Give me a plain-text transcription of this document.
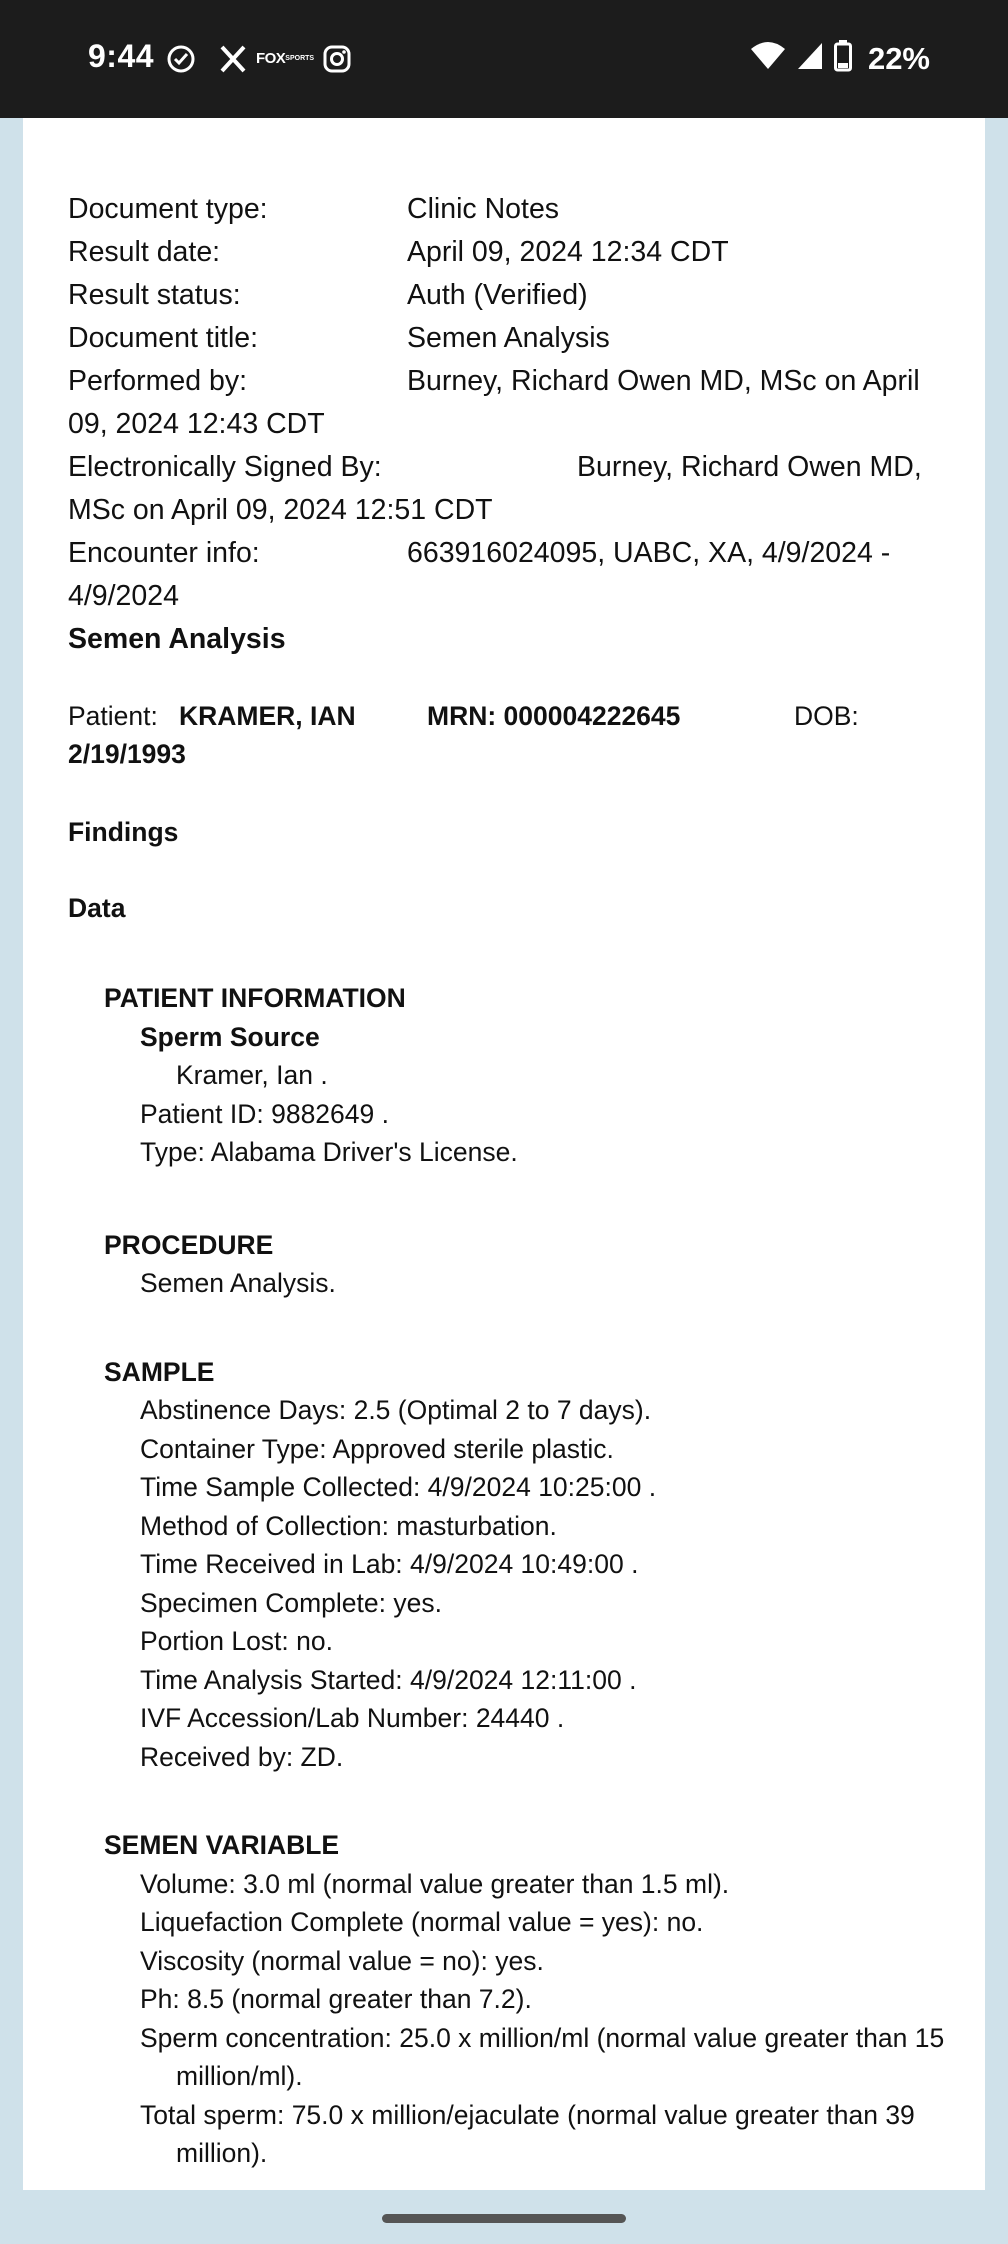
9:44	FOX SPORTS	22%
Document type:	Clinic Notes
Result date:	April 09, 2024 12:34 CDT
Result status:	Auth (Verified)
Document title:	Semen Analysis
Performed by:	Burney, Richard Owen MD, MSc on April
09, 2024 12:43 CDT
Electronically Signed By:	Burney, Richard Owen MD,
MSc on April 09, 2024 12:51 CDT
Encounter info:	663916024095, UABC, XA, 4/9/2024 -
4/9/2024
Semen Analysis
Patient: KRAMER, IAN	MRN: 000004222645	DOB:
2/19/1993
Findings
Data
PATIENT INFORMATION
Sperm Source
Kramer, Ian .
Patient ID: 9882649 .
Type: Alabama Driver's License.
PROCEDURE
Semen Analysis.
SAMPLE
Abstinence Days: 2.5 (Optimal 2 to 7 days).
Container Type: Approved sterile plastic.
Time Sample Collected: 4/9/2024 10:25:00 .
Method of Collection: masturbation.
Time Received in Lab: 4/9/2024 10:49:00 .
Specimen Complete: yes.
Portion Lost: no.
Time Analysis Started: 4/9/2024 12:11:00 .
IVF Accession/Lab Number: 24440 .
Received by: ZD.
SEMEN VARIABLE
Volume: 3.0 ml (normal value greater than 1.5 ml).
Liquefaction Complete (normal value = yes): no.
Viscosity (normal value = no): yes.
Ph: 8.5 (normal greater than 7.2).
Sperm concentration: 25.0 x million/ml (normal value greater than 15 million/ml).
Total sperm: 75.0 x million/ejaculate (normal value greater than 39 million).
